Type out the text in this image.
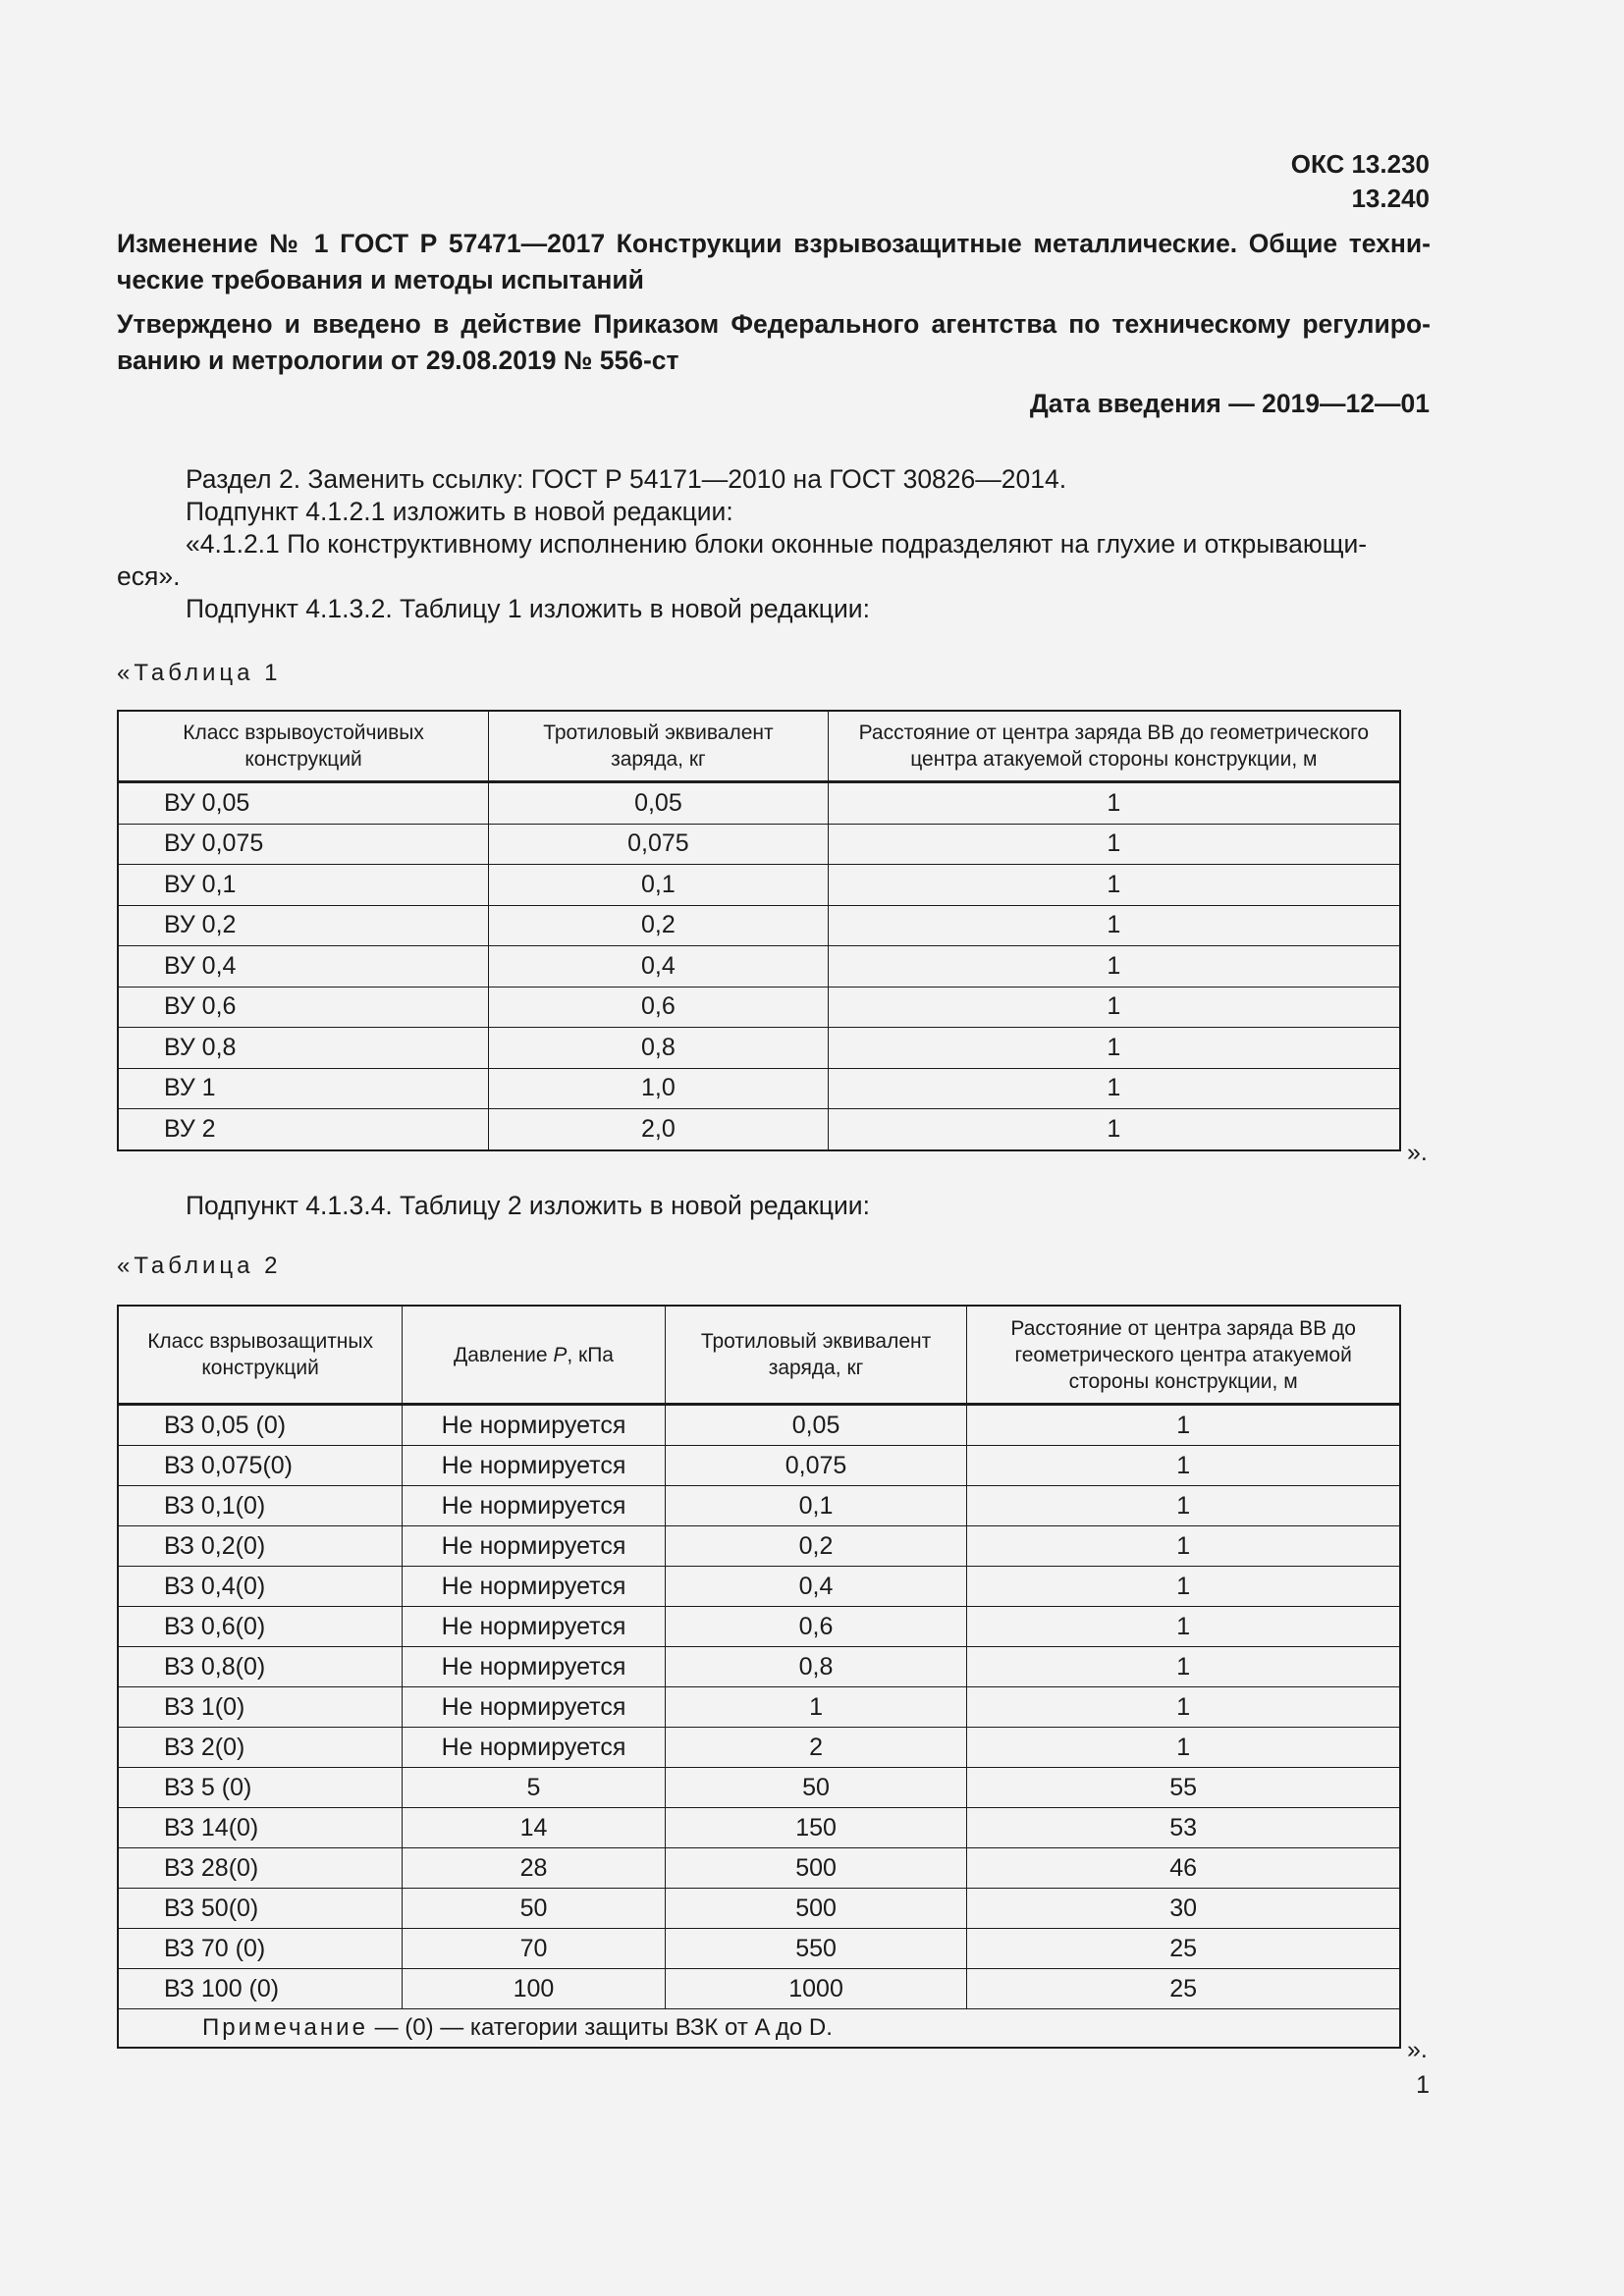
ОКС 13.230
13.240
Изменение № 1 ГОСТ Р 57471—2017 Конструкции взрывозащитные металлические. Общие техни-ческие требования и методы испытаний
Утверждено и введено в действие Приказом Федерального агентства по техническому регулиро-ванию и метрологии от 29.08.2019 № 556-ст
Дата введения — 2019—12—01
Раздел 2. Заменить ссылку: ГОСТ Р 54171—2010 на ГОСТ 30826—2014.
Подпункт 4.1.2.1 изложить в новой редакции:
«4.1.2.1 По конструктивному исполнению блоки оконные подразделяют на глухие и открывающи-
еся».
Подпункт 4.1.3.2. Таблицу 1 изложить в новой редакции:
«Таблица 1
Класс взрывоустойчивых конструкций	Тротиловый эквивалент заряда, кг	Расстояние от центра заряда ВВ до геометрического центра атакуемой стороны конструкции, м
ВУ 0,05	0,05	1
ВУ 0,075	0,075	1
ВУ 0,1	0,1	1
ВУ 0,2	0,2	1
ВУ 0,4	0,4	1
ВУ 0,6	0,6	1
ВУ 0,8	0,8	1
ВУ 1	1,0	1
ВУ 2	2,0	1
».
Подпункт 4.1.3.4. Таблицу 2 изложить в новой редакции:
«Таблица 2
Класс взрывозащитных конструкций	Давление P, кПа	Тротиловый эквивалент заряда, кг	Расстояние от центра заряда ВВ до геометрического центра атакуемой стороны конструкции, м
ВЗ 0,05 (0)	Не нормируется	0,05	1
ВЗ 0,075(0)	Не нормируется	0,075	1
ВЗ 0,1(0)	Не нормируется	0,1	1
ВЗ 0,2(0)	Не нормируется	0,2	1
ВЗ 0,4(0)	Не нормируется	0,4	1
ВЗ 0,6(0)	Не нормируется	0,6	1
ВЗ 0,8(0)	Не нормируется	0,8	1
ВЗ 1(0)	Не нормируется	1	1
ВЗ 2(0)	Не нормируется	2	1
ВЗ 5 (0)	5	50	55
ВЗ 14(0)	14	150	53
ВЗ 28(0)	28	500	46
ВЗ 50(0)	50	500	30
ВЗ 70 (0)	70	550	25
ВЗ 100 (0)	100	1000	25
Примечание — (0) — категории защиты ВЗК от A до D.			
».
1
